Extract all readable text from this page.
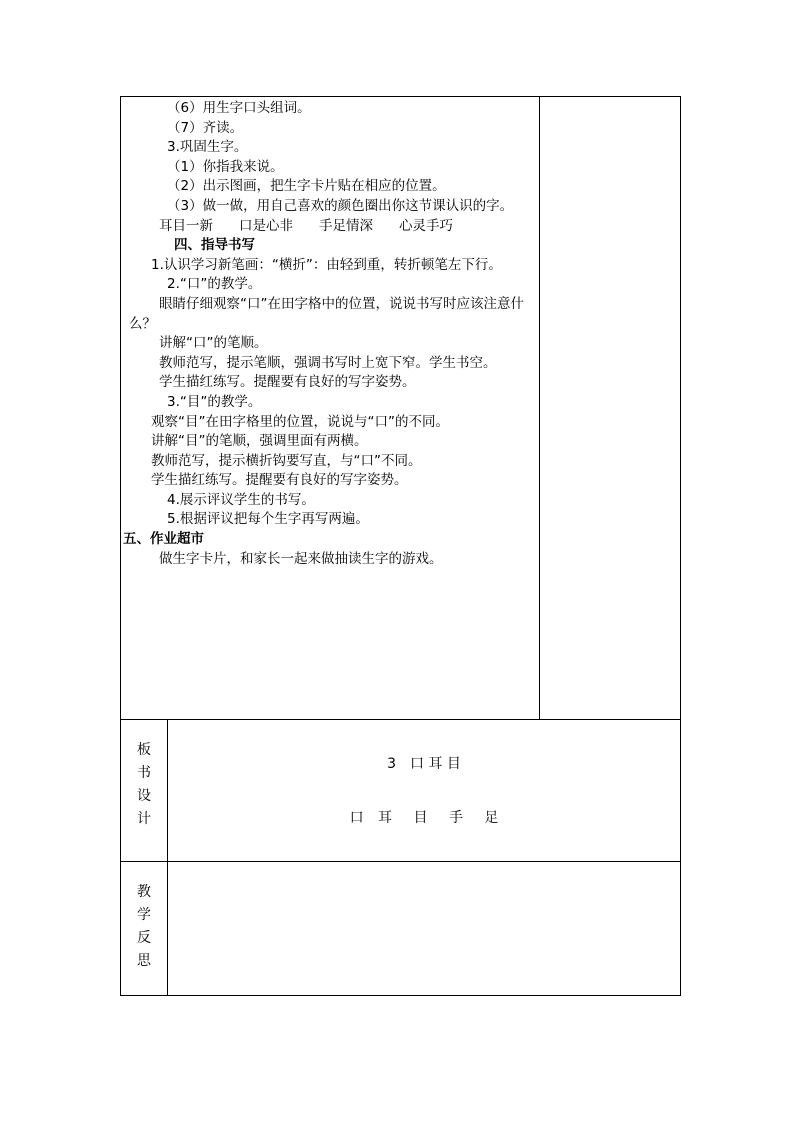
（6）用生字口头组词。
（7）齐读。
3.巩固生字。
（1）你指我来说。
（2）出示图画，把生字卡片贴在相应的位置。
（3）做一做，用自己喜欢的颜色圈出你这节课认识的字。
耳目一新 口是心非 手足情深 心灵手巧
四、指导书写
1.认识学习新笔画：“横折”：由轻到重，转折顿笔左下行。
2.“口”的教学。
眼睛仔细观察“口”在田字格中的位置，说说书写时应该注意什么？
讲解“口”的笔顺。
教师范写，提示笔顺，强调书写时上宽下窄。学生书空。
学生描红练写。提醒要有良好的写字姿势。
3.“目”的教学。
观察“目”在田字格里的位置，说说与“口”的不同。
讲解“目”的笔顺，强调里面有两横。
教师范写，提示横折钩要写直，与“口”不同。
学生描红练写。提醒要有良好的写字姿势。
4.展示评议学生的书写。
5.根据评议把每个生字再写两遍。
五、作业超市
做生字卡片，和家长一起来做抽读生字的游戏。
板
书
设
计
3　口 耳 目
口 耳 目 手 足
教
学
反
思
